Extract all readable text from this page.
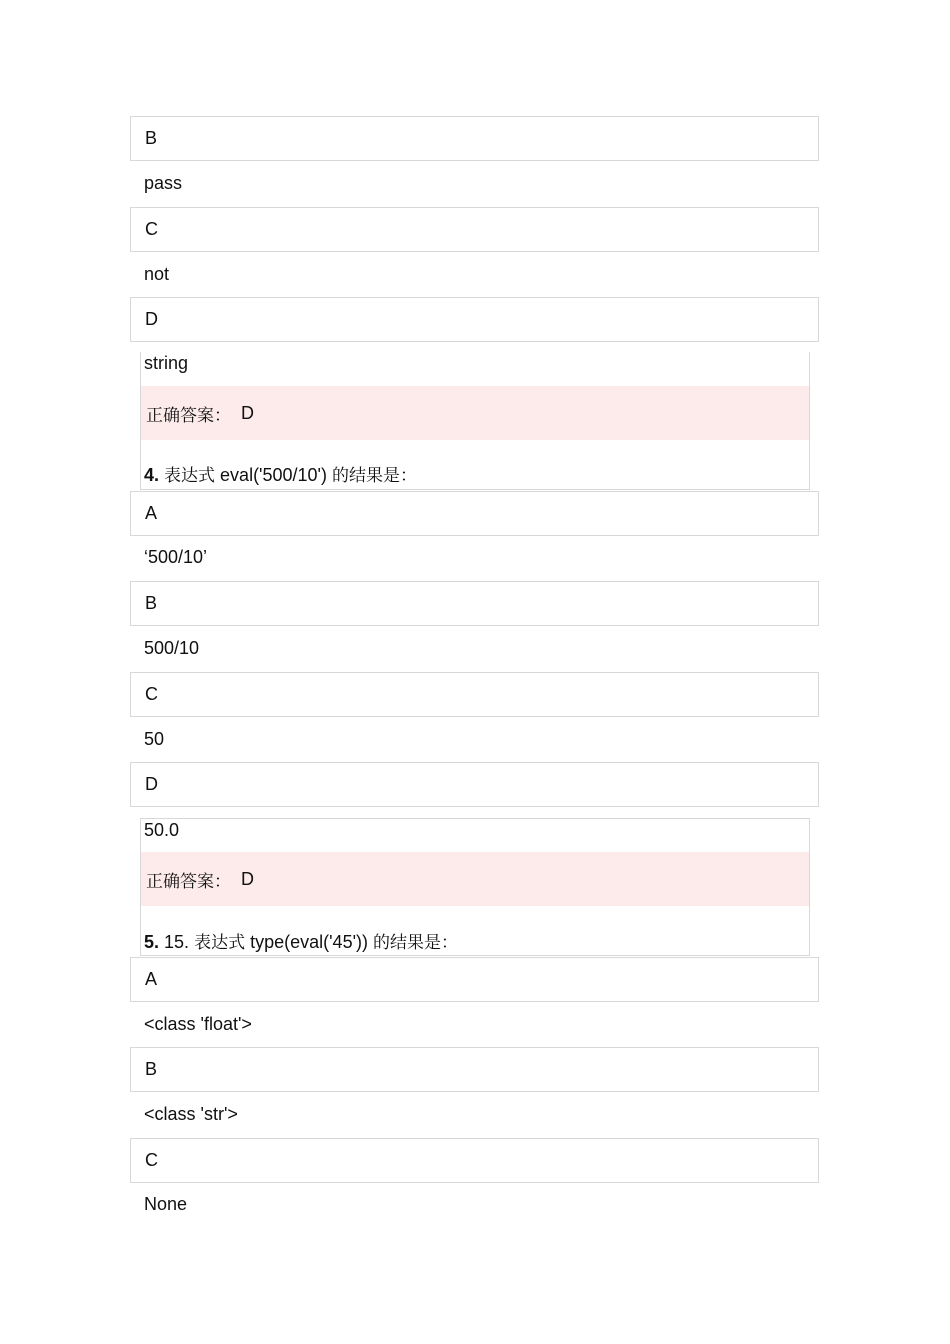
B
pass
C
not
D
string
正确答案： D
4. 表达式 eval('500/10') 的结果是：
A
‘500/10’
B
500/10
C
50
D
50.0
正确答案： D
5. 15. 表达式 type(eval('45')) 的结果是：
A
<class 'float'>
B
<class 'str'>
C
None
